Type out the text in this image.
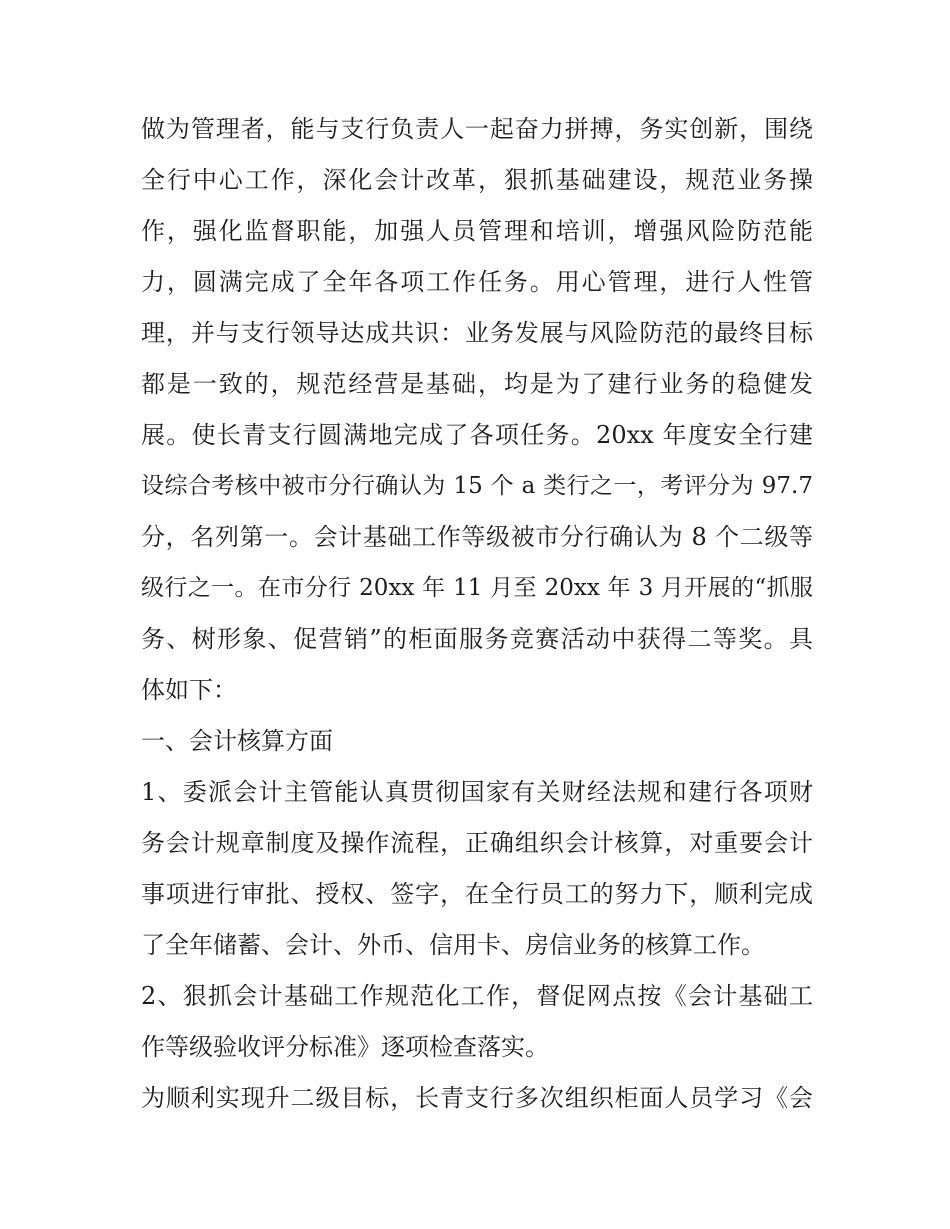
做为管理者，能与支行负责人一起奋力拼搏，务实创新，围绕
全行中心工作，深化会计改革，狠抓基础建设，规范业务操
作，强化监督职能，加强人员管理和培训，增强风险防范能
力，圆满完成了全年各项工作任务。用心管理，进行人性管
理，并与支行领导达成共识：业务发展与风险防范的最终目标
都是一致的，规范经营是基础，均是为了建行业务的稳健发
展。使长青支行圆满地完成了各项任务。20xx 年度安全行建
设综合考核中被市分行确认为 15 个 a 类行之一，考评分为 97.7
分，名列第一。会计基础工作等级被市分行确认为 8 个二级等
级行之一。在市分行 20xx 年 11 月至 20xx 年 3 月开展的“抓服
务、树形象、促营销”的柜面服务竞赛活动中获得二等奖。具
体如下：
一、会计核算方面
1、委派会计主管能认真贯彻国家有关财经法规和建行各项财
务会计规章制度及操作流程，正确组织会计核算，对重要会计
事项进行审批、授权、签字，在全行员工的努力下，顺利完成
了全年储蓄、会计、外币、信用卡、房信业务的核算工作。
2、狠抓会计基础工作规范化工作，督促网点按《会计基础工
作等级验收评分标准》逐项检查落实。
为顺利实现升二级目标，长青支行多次组织柜面人员学习《会
